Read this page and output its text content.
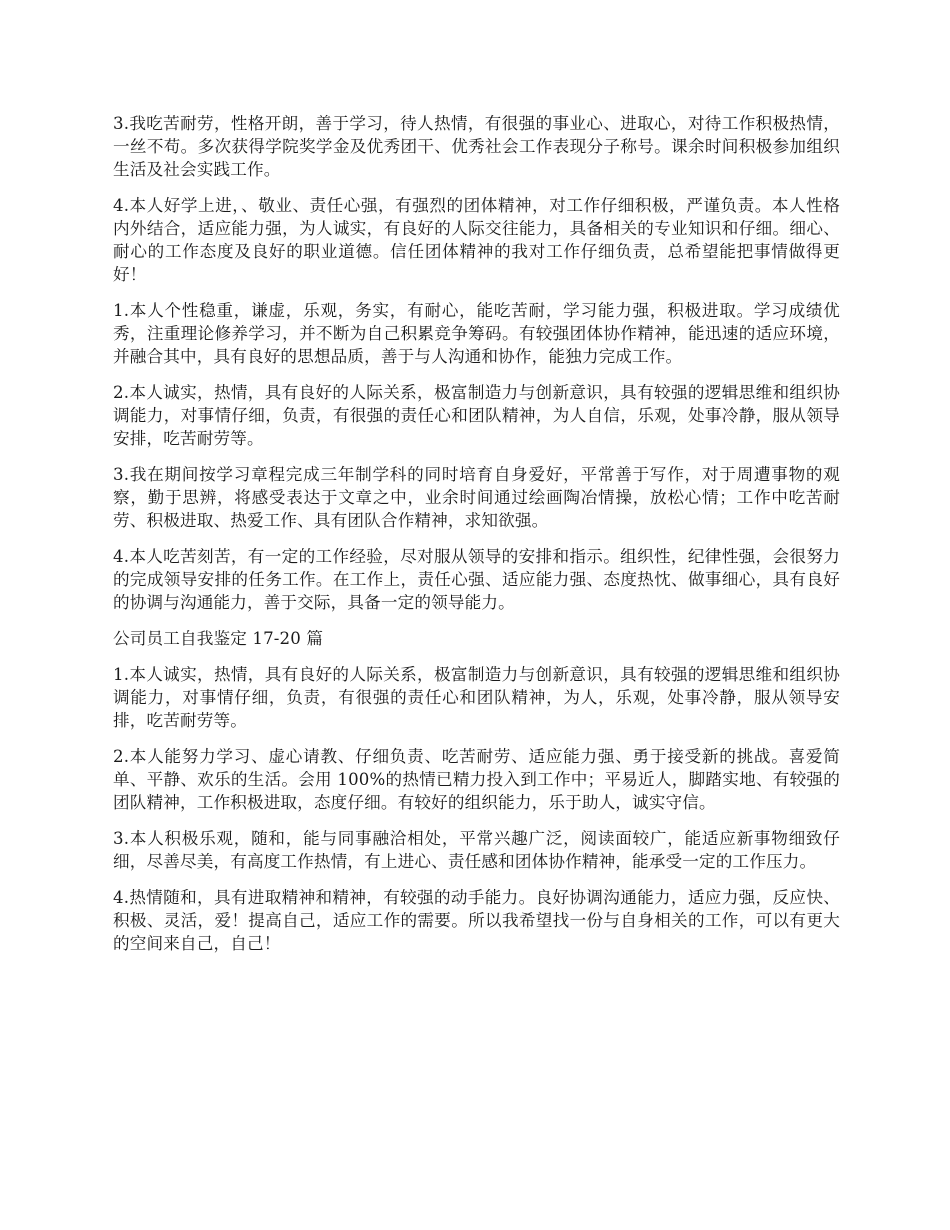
3.我吃苦耐劳，性格开朗，善于学习，待人热情，有很强的事业心、进取心，对待工作积极热情，一丝不苟。多次获得学院奖学金及优秀团干、优秀社会工作表现分子称号。课余时间积极参加组织生活及社会实践工作。

4.本人好学上进，、敬业、责任心强，有强烈的团体精神，对工作仔细积极，严谨负责。本人性格内外结合，适应能力强，为人诚实，有良好的人际交往能力，具备相关的专业知识和仔细。细心、耐心的工作态度及良好的职业道德。信任团体精神的我对工作仔细负责，总希望能把事情做得更好！

1.本人个性稳重，谦虚，乐观，务实，有耐心，能吃苦耐，学习能力强，积极进取。学习成绩优秀，注重理论修养学习，并不断为自己积累竞争筹码。有较强团体协作精神，能迅速的适应环境，并融合其中，具有良好的思想品质，善于与人沟通和协作，能独力完成工作。

2.本人诚实，热情，具有良好的人际关系，极富制造力与创新意识，具有较强的逻辑思维和组织协调能力，对事情仔细，负责，有很强的责任心和团队精神，为人自信，乐观，处事冷静，服从领导安排，吃苦耐劳等。

3.我在期间按学习章程完成三年制学科的同时培育自身爱好，平常善于写作，对于周遭事物的观察，勤于思辨，将感受表达于文章之中，业余时间通过绘画陶冶情操，放松心情；工作中吃苦耐劳、积极进取、热爱工作、具有团队合作精神，求知欲强。

4.本人吃苦刻苦，有一定的工作经验，尽对服从领导的安排和指示。组织性，纪律性强，会很努力的完成领导安排的任务工作。在工作上，责任心强、适应能力强、态度热忱、做事细心，具有良好的协调与沟通能力，善于交际，具备一定的领导能力。

公司员工自我鉴定 17-20 篇

1.本人诚实，热情，具有良好的人际关系，极富制造力与创新意识，具有较强的逻辑思维和组织协调能力，对事情仔细，负责，有很强的责任心和团队精神，为人，乐观，处事冷静，服从领导安排，吃苦耐劳等。

2.本人能努力学习、虚心请教、仔细负责、吃苦耐劳、适应能力强、勇于接受新的挑战。喜爱简单、平静、欢乐的生活。会用 100%的热情已精力投入到工作中；平易近人，脚踏实地、有较强的团队精神，工作积极进取，态度仔细。有较好的组织能力，乐于助人，诚实守信。

3.本人积极乐观，随和，能与同事融洽相处，平常兴趣广泛，阅读面较广，能适应新事物细致仔细，尽善尽美，有高度工作热情，有上进心、责任感和团体协作精神，能承受一定的工作压力。

4.热情随和，具有进取精神和精神，有较强的动手能力。良好协调沟通能力，适应力强，反应快、积极、灵活，爱！提高自己，适应工作的需要。所以我希望找一份与自身相关的工作，可以有更大的空间来自己，自己！
